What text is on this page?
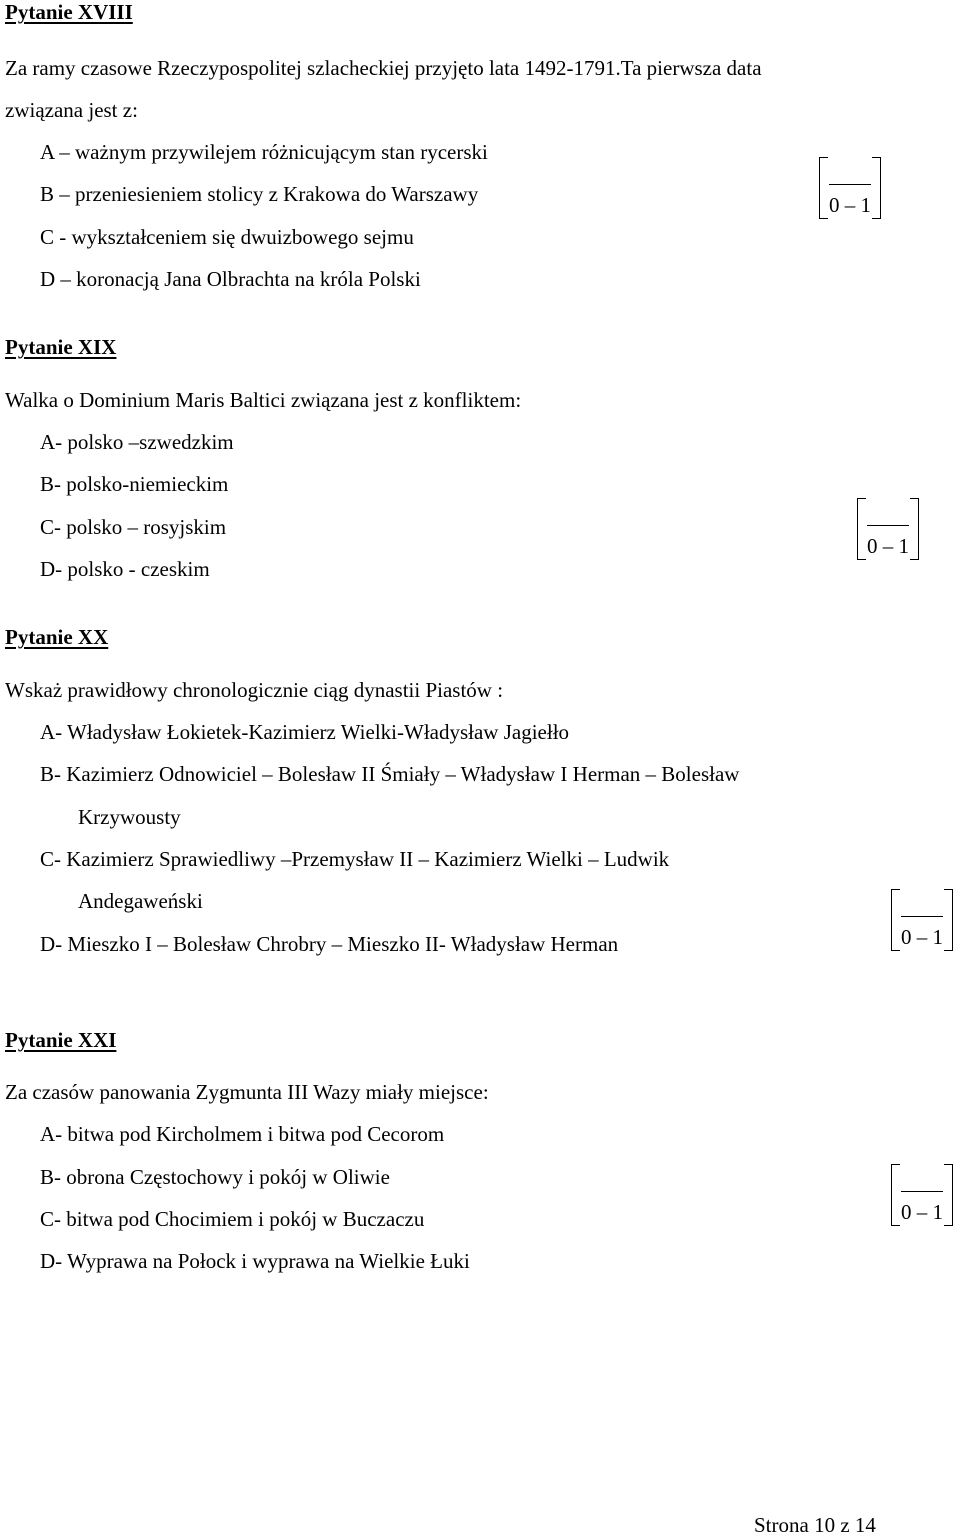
Pytanie XVIII
Za ramy czasowe Rzeczypospolitej szlacheckiej przyjęto lata 1492-1791.Ta pierwsza data
związana jest z:
A – ważnym przywilejem różnicującym stan rycerski
B – przeniesieniem stolicy z Krakowa do Warszawy
C - wykształceniem się dwuizbowego sejmu
D – koronacją Jana Olbrachta na króla Polski
0 – 1
Pytanie XIX
Walka o Dominium Maris Baltici związana jest z konfliktem:
A- polsko –szwedzkim
B- polsko-niemieckim
C- polsko – rosyjskim
D- polsko - czeskim
0 – 1
Pytanie XX
Wskaż prawidłowy chronologicznie ciąg dynastii Piastów :
A- Władysław Łokietek-Kazimierz Wielki-Władysław Jagiełło
B- Kazimierz Odnowiciel – Bolesław II Śmiały – Władysław I Herman – Bolesław
Krzywousty
C- Kazimierz Sprawiedliwy –Przemysław II – Kazimierz Wielki – Ludwik
Andegaweński
D- Mieszko I – Bolesław Chrobry – Mieszko II- Władysław Herman	0 – 1
Pytanie XXI
Za czasów panowania Zygmunta III Wazy miały miejsce:
A- bitwa pod Kircholmem i bitwa pod Cecorom
B- obrona Częstochowy i pokój w Oliwie
C- bitwa pod Chocimiem i pokój w Buczaczu
D- Wyprawa na Połock i wyprawa na Wielkie Łuki
0 – 1
Strona 10 z 14
